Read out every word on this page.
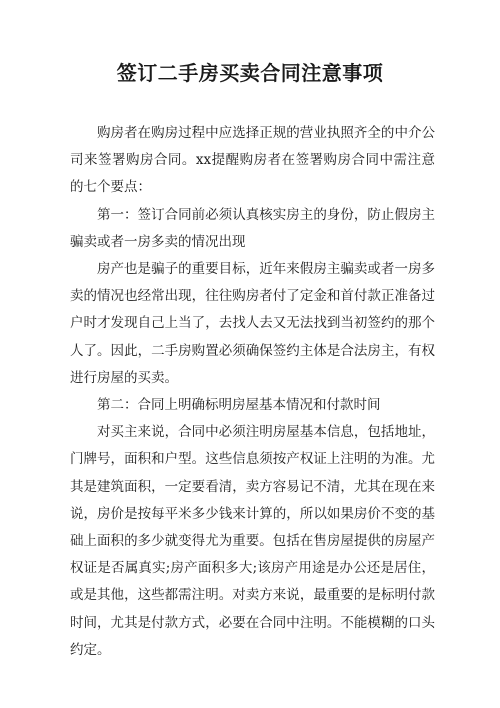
签订二手房买卖合同注意事项

购房者在购房过程中应选择正规的营业执照齐全的中介公司来签署购房合同。xx提醒购房者在签署购房合同中需注意的七个要点：

第一：签订合同前必须认真核实房主的身份，防止假房主骗卖或者一房多卖的情况出现

房产也是骗子的重要目标，近年来假房主骗卖或者一房多卖的情况也经常出现，往往购房者付了定金和首付款正准备过户时才发现自己上当了，去找人去又无法找到当初签约的那个人了。因此，二手房购置必须确保签约主体是合法房主，有权进行房屋的买卖。

第二：合同上明确标明房屋基本情况和付款时间

对买主来说，合同中必须注明房屋基本信息，包括地址，门牌号，面积和户型。这些信息须按产权证上注明的为准。尤其是建筑面积，一定要看清，卖方容易记不清，尤其在现在来说，房价是按每平米多少钱来计算的，所以如果房价不变的基础上面积的多少就变得尤为重要。包括在售房屋提供的房屋产权证是否属真实;房产面积多大;该房产用途是办公还是居住，或是其他，这些都需注明。对卖方来说，最重要的是标明付款时间，尤其是付款方式，必要在合同中注明。不能模糊的口头约定。
